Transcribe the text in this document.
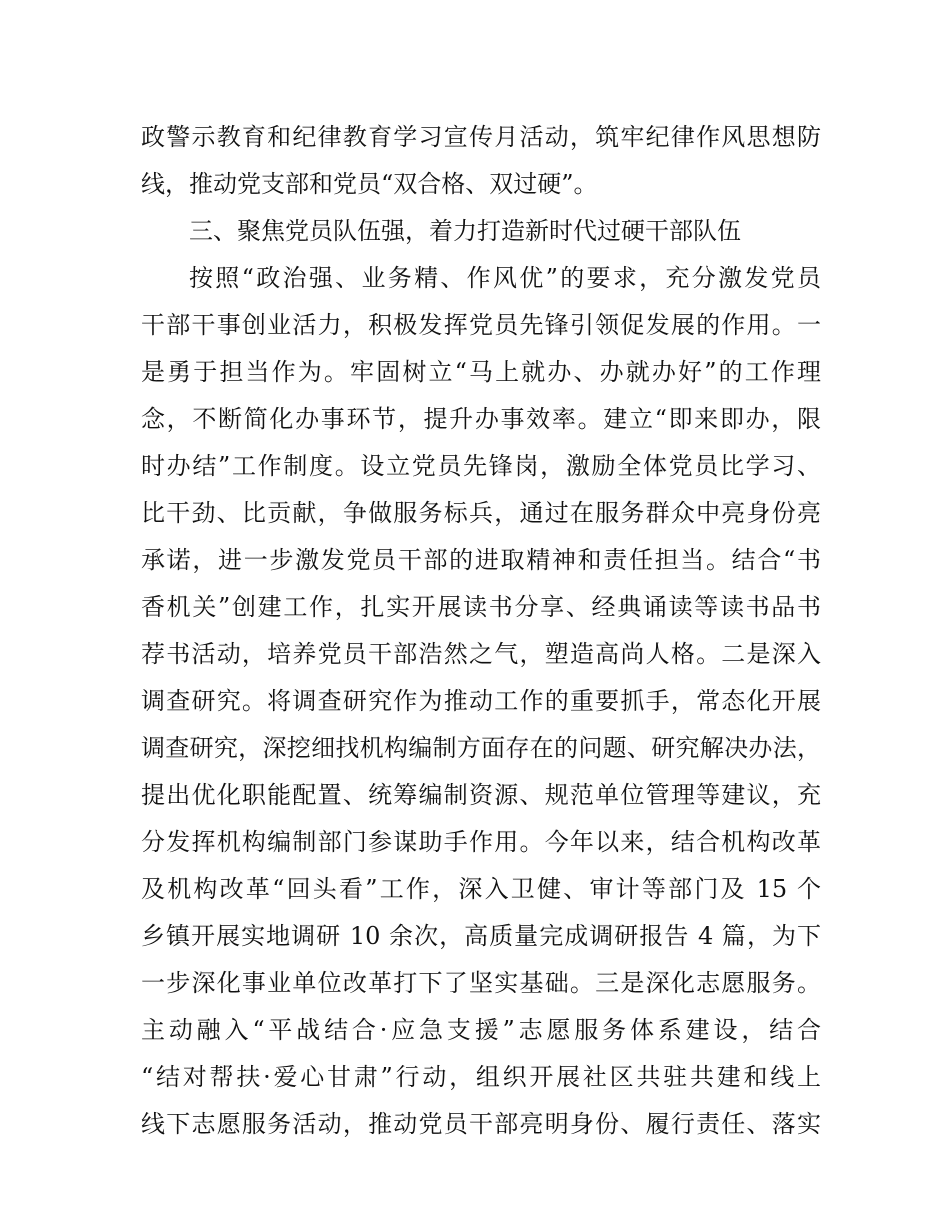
政警示教育和纪律教育学习宣传月活动，筑牢纪律作风思想防
线，推动党支部和党员“双合格、双过硬”。
三、聚焦党员队伍强，着力打造新时代过硬干部队伍
按照“政治强、业务精、作风优”的要求，充分激发党员
干部干事创业活力，积极发挥党员先锋引领促发展的作用。一
是勇于担当作为。牢固树立“马上就办、办就办好”的工作理
念，不断简化办事环节，提升办事效率。建立“即来即办，限
时办结”工作制度。设立党员先锋岗，激励全体党员比学习、
比干劲、比贡献，争做服务标兵，通过在服务群众中亮身份亮
承诺，进一步激发党员干部的进取精神和责任担当。结合“书
香机关”创建工作，扎实开展读书分享、经典诵读等读书品书
荐书活动，培养党员干部浩然之气，塑造高尚人格。二是深入
调查研究。将调查研究作为推动工作的重要抓手，常态化开展
调查研究，深挖细找机构编制方面存在的问题、研究解决办法，
提出优化职能配置、统筹编制资源、规范单位管理等建议，充
分发挥机构编制部门参谋助手作用。今年以来，结合机构改革
及机构改革“回头看”工作，深入卫健、审计等部门及 15 个
乡镇开展实地调研 10 余次，高质量完成调研报告 4 篇，为下
一步深化事业单位改革打下了坚实基础。三是深化志愿服务。
主动融入“平战结合·应急支援”志愿服务体系建设，结合
“结对帮扶·爱心甘肃”行动，组织开展社区共驻共建和线上
线下志愿服务活动，推动党员干部亮明身份、履行责任、落实
